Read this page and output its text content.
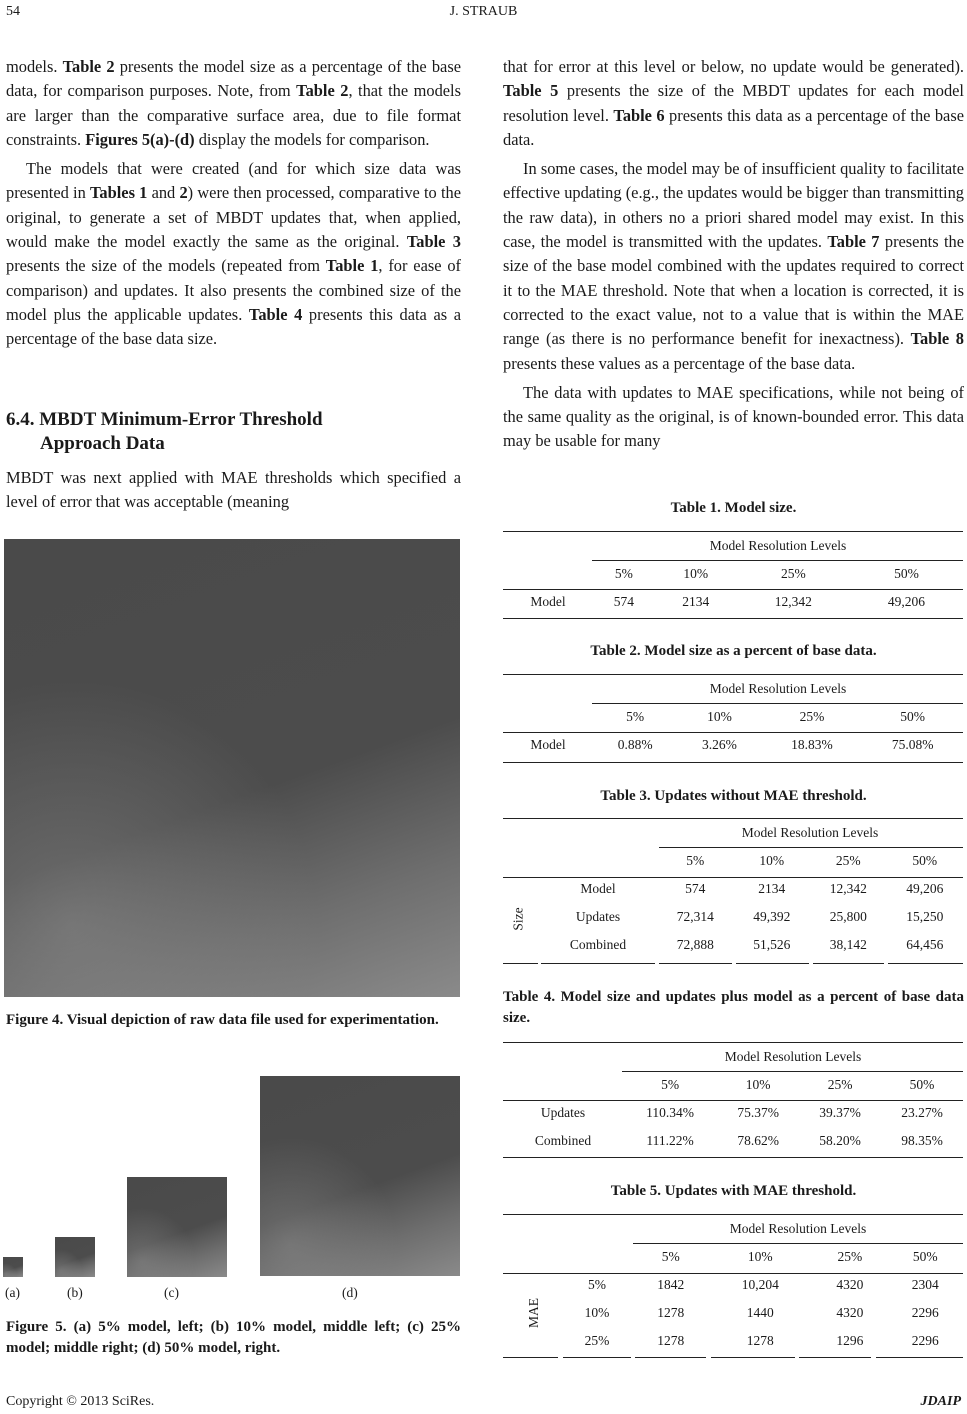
54	J. STRAUB

models. Table 2 presents the model size as a percentage of the base data, for comparison purposes. Note, from Table 2, that the models are larger than the comparative surface area, due to file format constraints. Figures 5(a)-(d) display the models for comparison.

The models that were created (and for which size data was presented in Tables 1 and 2) were then processed, comparative to the original, to generate a set of MBDT updates that, when applied, would make the model exactly the same as the original. Table 3 presents the size of the models (repeated from Table 1, for ease of comparison) and updates. It also presents the combined size of the model plus the applicable updates. Table 4 presents this data as a percentage of the base data size.

6.4. MBDT Minimum-Error Threshold
Approach Data

MBDT was next applied with MAE thresholds which specified a level of error that was acceptable (meaning

Figure 4. Visual depiction of raw data file used for experimentation.
(a)	(b)	(c)	(d)
Figure 5. (a) 5% model, left; (b) 10% model, middle left; (c) 25% model; middle right; (d) 50% model, right.

that for error at this level or below, no update would be generated). Table 5 presents the size of the MBDT updates for each model resolution level. Table 6 presents this data as a percentage of the base data.

In some cases, the model may be of insufficient quality to facilitate effective updating (e.g., the updates would be bigger than transmitting the raw data), in others no a priori shared model may exist. In this case, the model is transmitted with the updates. Table 7 presents the size of the base model combined with the updates required to correct it to the MAE threshold. Note that when a location is corrected, it is corrected to the exact value, not to a value that is within the MAE range (as there is no performance benefit for inexactness). Table 8 presents these values as a percentage of the base data.

The data with updates to MAE specifications, while not being of the same quality as the original, is of known-bounded error. This data may be usable for many

Table 1. Model size.
	Model Resolution Levels			
	5%	10%	25%	50%
Model	574	2134	12,342	49,206
Table 2. Model size as a percent of base data.
	Model Resolution Levels			
	5%	10%	25%	50%
Model	0.88%	3.26%	18.83%	75.08%
Table 3. Updates without MAE threshold.
		Model Resolution Levels			
		5%	10%	25%	50%

Size	Model	574	2134	12,342	49,206
	Updates	72,314	49,392	25,800	15,250
	Combined	72,888	51,526	38,142	64,456
Table 4. Model size and updates plus model as a percent of base data size.
	Model Resolution Levels			
	5%	10%	25%	50%
Updates	110.34%	75.37%	39.37%	23.27%
Combined	111.22%	78.62%	58.20%	98.35%
Table 5. Updates with MAE threshold.
		Model Resolution Levels			
		5%	10%	25%	50%

MAE	5%	1842	10,204	4320	2304
	10%	1278	1440	4320	2296
	25%	1278	1278	1296	2296
Copyright © 2013 SciRes.	JDAIP
